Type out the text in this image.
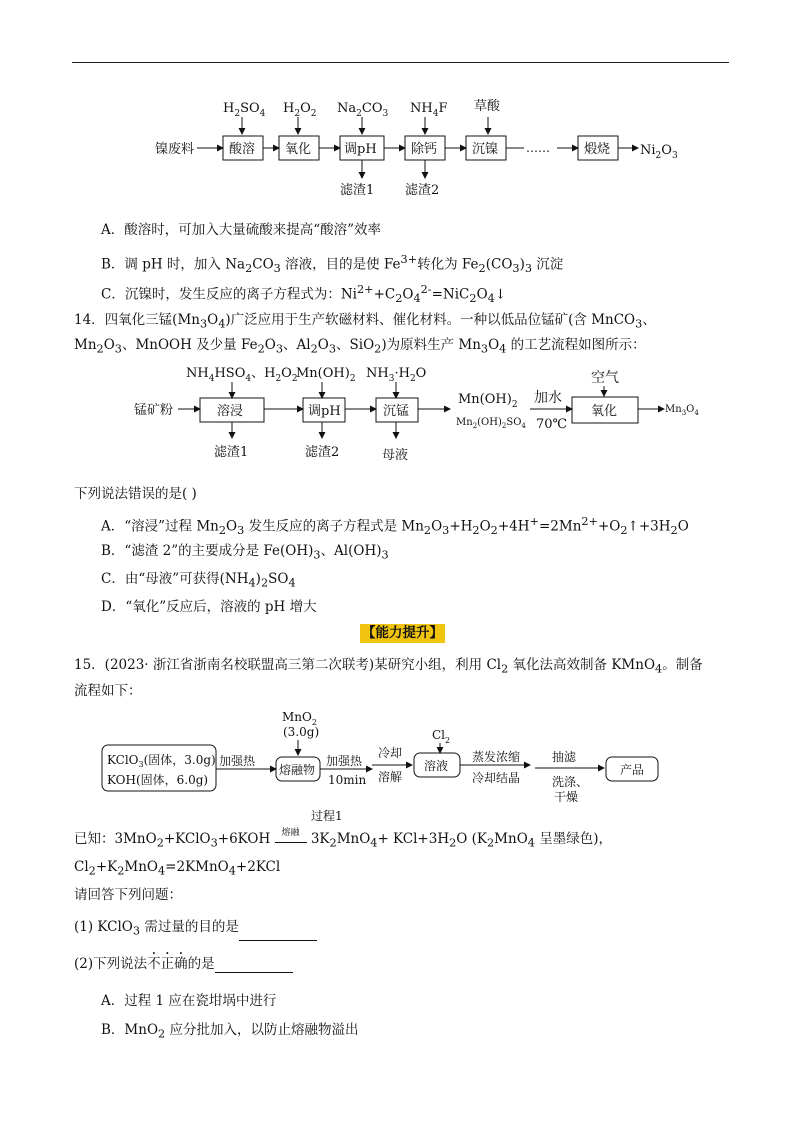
$H_2SO_4$ $H_2O_2$ $Na_2CO_3$ $NH_4F$ 草酸
镍废料	酸溶 氧化	调pH	除钙	沉镍 ……	煅烧 $Ni_2O_3$
滤渣1 滤渣2
A．酸溶时，可加入大量硫酸来提高“酸溶”效率
B．调 pH 时，加入 $Na_2CO_3$ 溶液，目的是使 $Fe^{3+}$转化为 $Fe_2(CO_3)_3$ 沉淀
C．沉镍时，发生反应的离子方程式为：$Ni^{2+}+C_2O_4^{2-}=NiC_2O_4↓$
14．四氧化三锰$(Mn_3O_4)$广泛应用于生产软磁材料、催化材料。一种以低品位锰矿(含 MnCO$_3$、
$Mn_2O_3$、MnOOH 及少量 $Fe_2O_3$、$Al_2O_3$、SiO$_2$)为原料生产 $Mn_3O_4$ 的工艺流程如图所示：
$NH_4HSO_4$、$H_2O_2$
$Mn(OH)_2$ $NH_3\cdot H_2O$
锰矿粉	溶浸	调pH	沉锰
$Mn(OH)_2$
$Mn_2(OH)_2SO_4$
加水
70℃
空气
氧化	$Mn_3O_4$
滤渣1	滤渣2	母液
下列说法错误的是( )
A．“溶浸”过程 $Mn_2O_3$ 发生反应的离子方程式是 $Mn_2O_3+H_2O_2+4H^+=2Mn^{2+}+O_2↑+3H_2O$
B．“滤渣 2”的主要成分是 $Fe(OH)_3$、$Al(OH)_3$
C．由“母液”可获得$(NH_4)_2SO_4$
D．“氧化”反应后，溶液的 pH 增大
【能力提升】
15．(2023· 浙江省浙南名校联盟高三第二次联考)某研究小组，利用 $Cl_2$ 氧化法高效制备 KMnO$_4$。制备
流程如下：
MnO$_2$
(3.0g)
KClO$_3$(固体，3.0g)
KOH(固体，6.0g)
加强热
熔融物
加强热
10min
冷却
溶解
$Cl_2$
溶液
蒸发浓缩
冷却结晶
抽滤
洗涤、
干燥
产品
过程1
已知：3MnO$_2$+KClO$_3$+6KOH 熔融 $3K_2MnO_4+ KCl+3H_2O$ ($K_2MnO_4$ 呈墨绿色)，
$Cl_2+K_2MnO_4=2KMnO_4+2KCl$
请回答下列问题：
(1) KClO$_3$ 需过量的目的是
(2)下列说法不正确的是
A．过程 1 应在瓷坩埚中进行
B．MnO$_2$ 应分批加入，以防止熔融物溢出
